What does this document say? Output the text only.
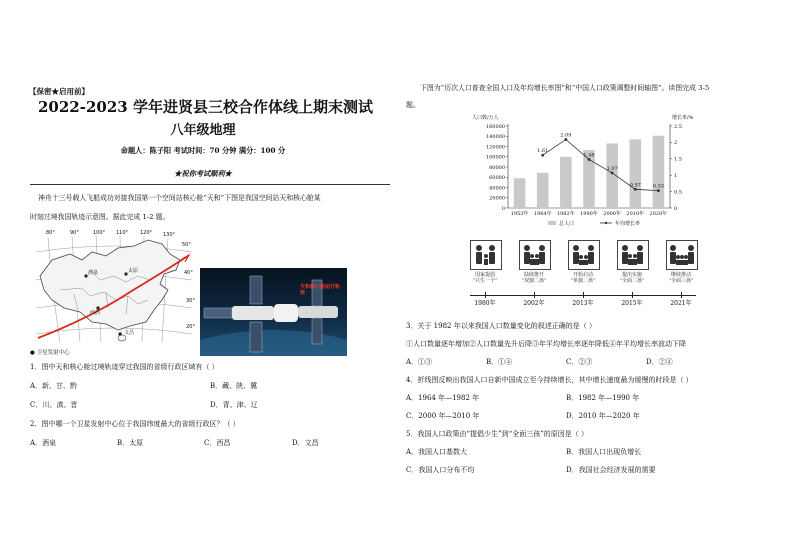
【保密★启用前】
2022-2023 学年进贤县三校合作体线上期末测试
八年级地理
命题人：陈子阳 考试时间：70 分钟 满分：100 分
★祝你考试顺利★
神舟十三号载人飞船成功对接我国第一个空间站核心舱“天和”下图是我国空间站天和核心舱某
时刻过境我国轨迹示意图。据此完成 1-2 题。
80°	90°	100° 110° 120° 130°
50°
40°
30°
20°
酒泉	太原
西昌
文昌
● 卫星发射中心
天和核心舱运行轨迹
1．图中天和核心舱过境轨迹穿过我国的省级行政区域有（ ）
A．新、甘、黔	B．藏、陕、冀
C．川、滇、晋	D．青、津、辽
2．图中哪一个卫星发射中心位于我国纬度最大的省级行政区？（ ）
A．酒泉	B．太原	C．西昌	D．文昌
下图为“历次人口普查全国人口及年均增长率图”和“中国人口政策调整时间轴图”。读图完成 3-5
题。
人口数/万人	增长率/%
160000
140000
120000
100000
80000
60000
40000
20000
0
2.5
2
1.5
1
0.5
0
1953年 1964年 1982年 1990年 2000年 2010年 2020年
1.61
2.09
1.48
1.07
0.57 0.53
总人口	年均增长率
国家提倡
“只生一个”
陆续推开
“双独二孩”
开始启动
“单独二孩”
提出实施
“全面二孩”
继续推动
“全面三孩”
1980年	2002年	2013年	2015年	2021年
3．关于 1982 年以来我国人口数量变化的叙述正确的是（ ）
①人口数量逐年增加②人口数量先升后降③年平均增长率逐年降低④年平均增长率波动下降
A．①③	B．①④	C．②③	D．②④
4．折线图反映出我国人口自新中国成立至今持续增长，其中增长速度最为缓慢的时段是（ ）
A．1964 年—1982 年	B．1982 年—1990 年
C．2000 年—2010 年	D．2010 年—2020 年
5．我国人口政策由“提倡少生”到“全面三孩”的原因是（ ）
A．我国人口基数大	B．我国人口出现负增长
C．我国人口分布不均	D．我国社会经济发展的需要
